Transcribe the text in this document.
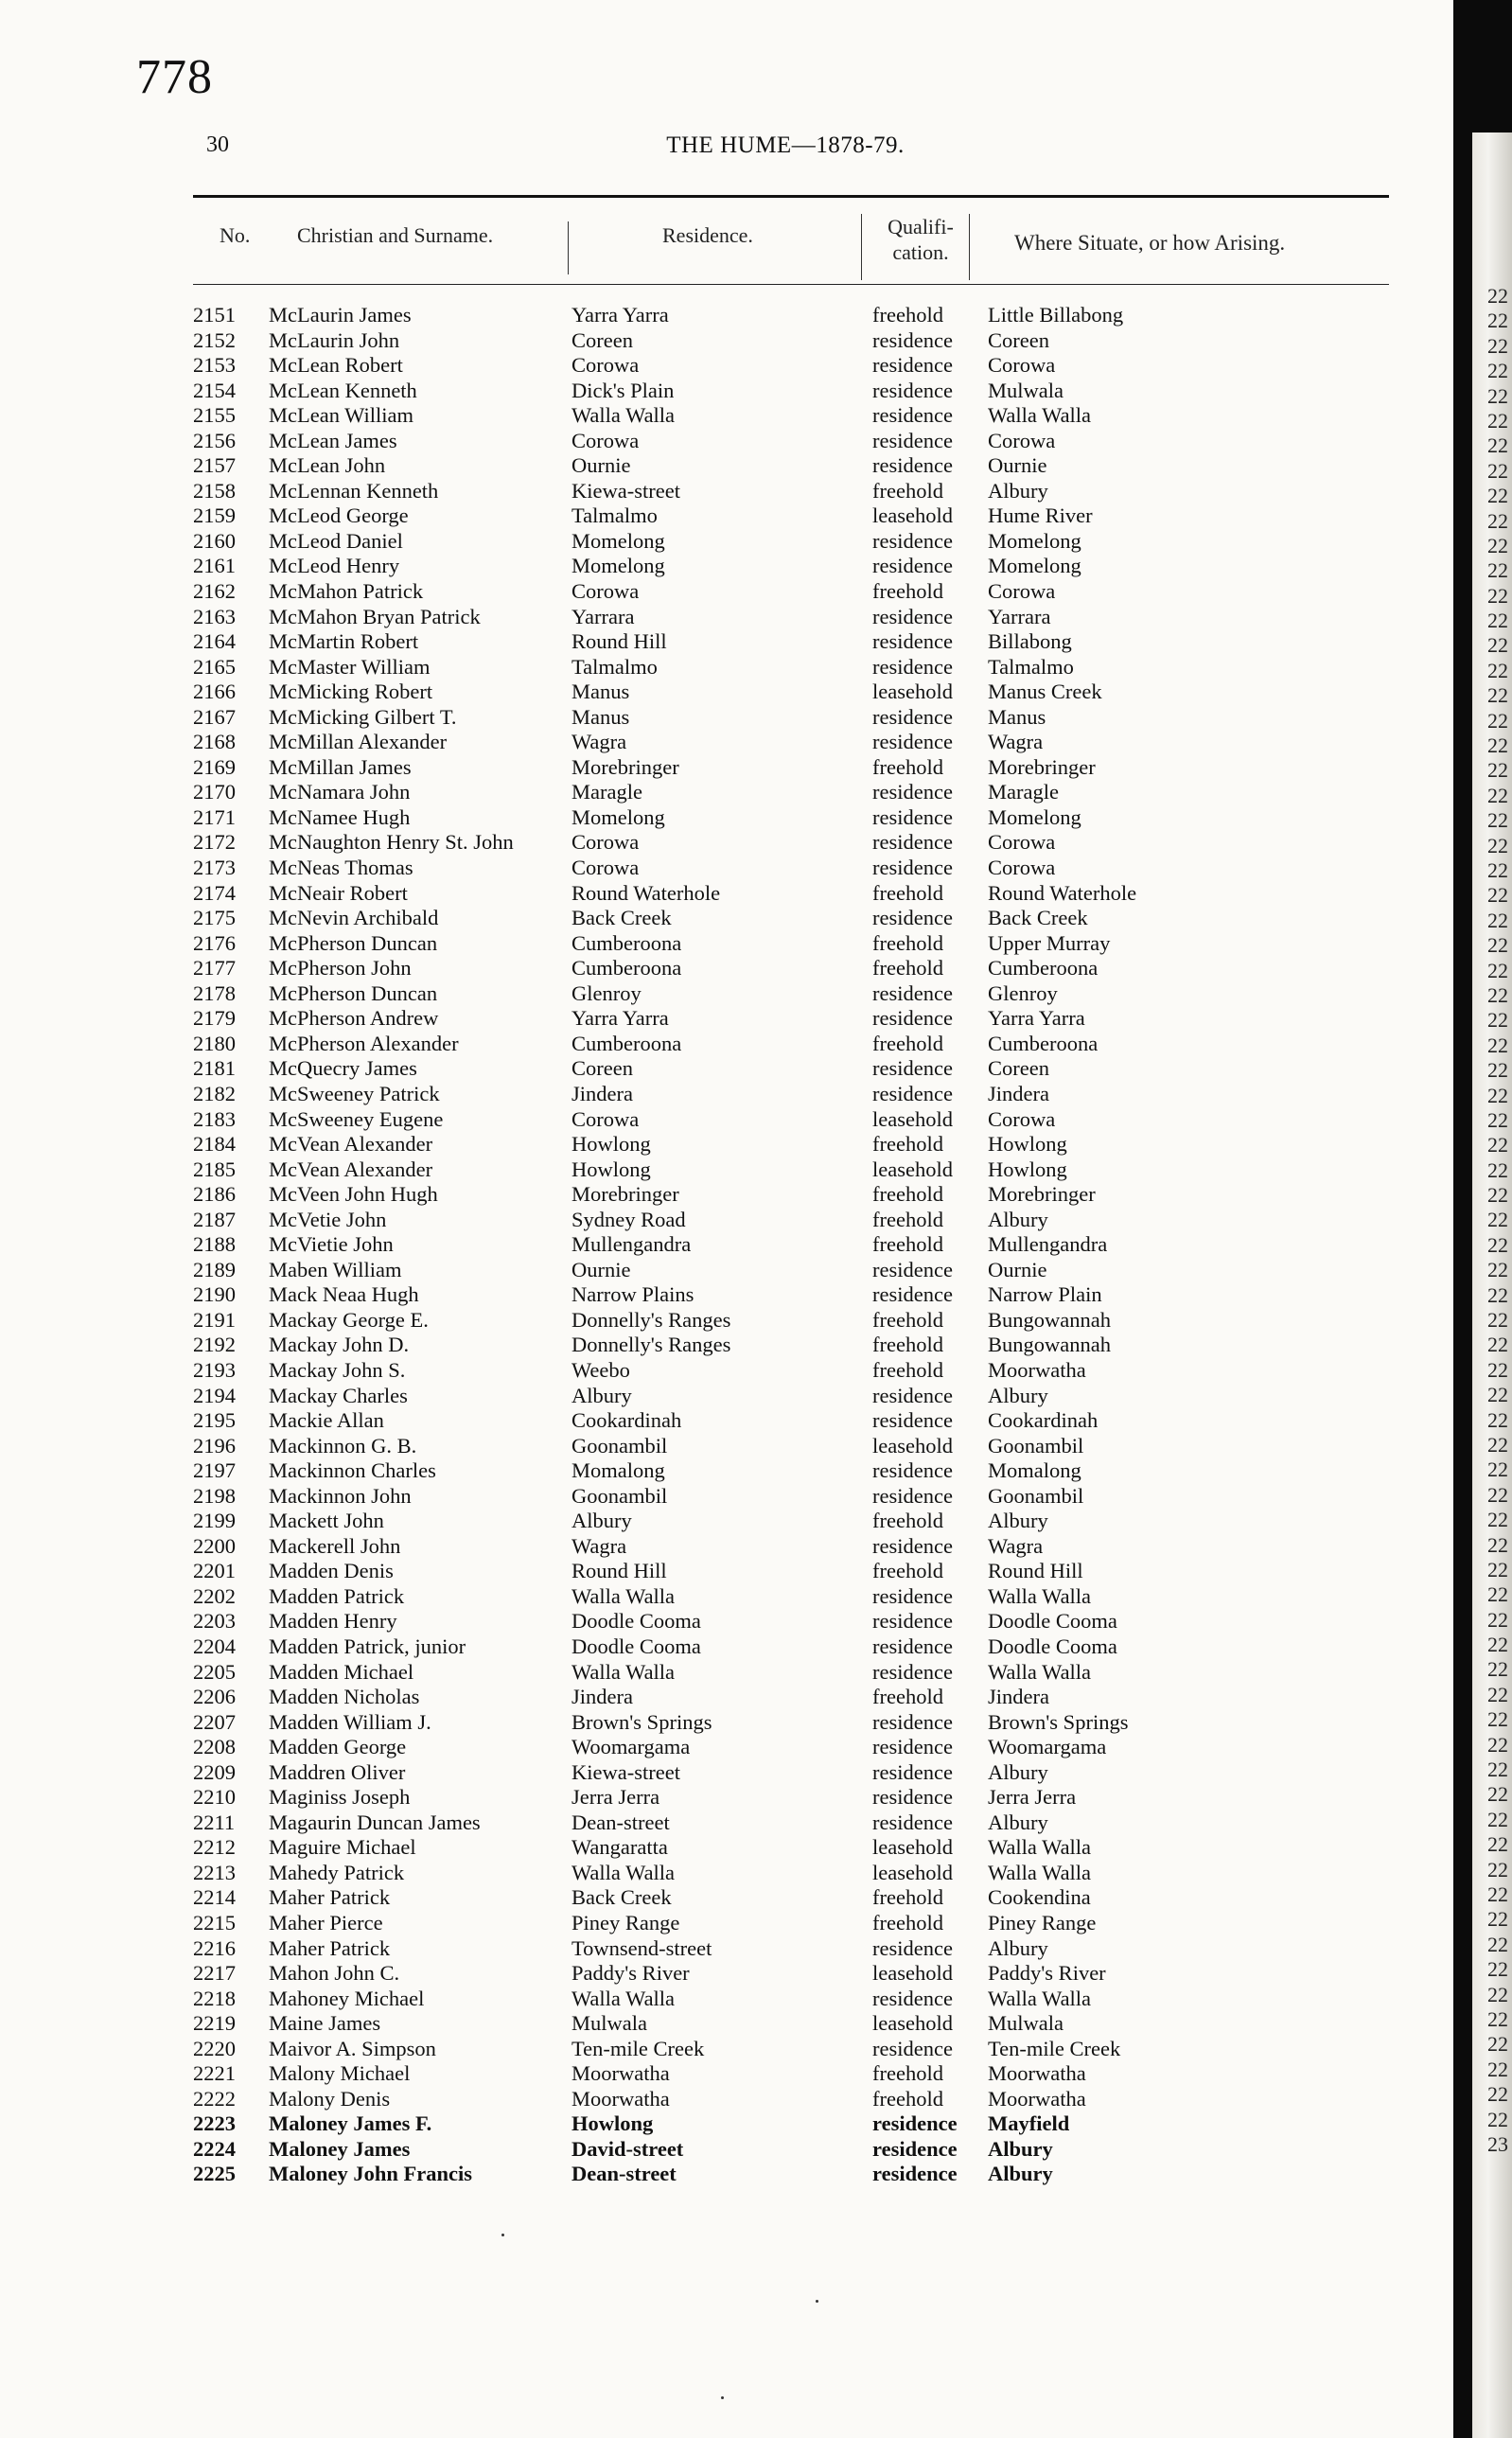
778
30	THE HUME—1878-79.
No. Christian and Surname.	Residence.	Qualifi-cation.	Where Situate, or how Arising.
2151 McLaurin James	Yarra Yarra	freehold Little Billabong
2152 McLaurin John	Coreen	residence Coreen
2153 McLean Robert	Corowa	residence Corowa
2154 McLean Kenneth	Dick's Plain	residence Mulwala
2155 McLean William	Walla Walla	residence Walla Walla
2156 McLean James	Corowa	residence Corowa
2157 McLean John	Ournie	residence Ournie
2158 McLennan Kenneth	Kiewa-street	freehold Albury
2159 McLeod George	Talmalmo	leasehold Hume River
2160 McLeod Daniel	Momelong	residence Momelong
2161 McLeod Henry	Momelong	residence Momelong
2162 McMahon Patrick	Corowa	freehold Corowa
2163 McMahon Bryan Patrick	Yarrara	residence Yarrara
2164 McMartin Robert	Round Hill	residence Billabong
2165 McMaster William	Talmalmo	residence Talmalmo
2166 McMicking Robert	Manus	leasehold Manus Creek
2167 McMicking Gilbert T.	Manus	residence Manus
2168 McMillan Alexander	Wagra	residence Wagra
2169 McMillan James	Morebringer	freehold Morebringer
2170 McNamara John	Maragle	residence Maragle
2171 McNamee Hugh	Momelong	residence Momelong
2172 McNaughton Henry St. John	Corowa	residence Corowa
2173 McNeas Thomas	Corowa	residence Corowa
2174 McNeair Robert	Round Waterhole	freehold Round Waterhole
2175 McNevin Archibald	Back Creek	residence Back Creek
2176 McPherson Duncan	Cumberoona	freehold Upper Murray
2177 McPherson John	Cumberoona	freehold Cumberoona
2178 McPherson Duncan	Glenroy	residence Glenroy
2179 McPherson Andrew	Yarra Yarra	residence Yarra Yarra
2180 McPherson Alexander	Cumberoona	freehold Cumberoona
2181 McQuecry James	Coreen	residence Coreen
2182 McSweeney Patrick	Jindera	residence Jindera
2183 McSweeney Eugene	Corowa	leasehold Corowa
2184 McVean Alexander	Howlong	freehold Howlong
2185 McVean Alexander	Howlong	leasehold Howlong
2186 McVeen John Hugh	Morebringer	freehold Morebringer
2187 McVetie John	Sydney Road	freehold Albury
2188 McVietie John	Mullengandra	freehold Mullengandra
2189 Maben William	Ournie	residence Ournie
2190 Mack Neaa Hugh	Narrow Plains	residence Narrow Plain
2191 Mackay George E.	Donnelly's Ranges	freehold Bungowannah
2192 Mackay John D.	Donnelly's Ranges	freehold Bungowannah
2193 Mackay John S.	Weebo	freehold Moorwatha
2194 Mackay Charles	Albury	residence Albury
2195 Mackie Allan	Cookardinah	residence Cookardinah
2196 Mackinnon G. B.	Goonambil	leasehold Goonambil
2197 Mackinnon Charles	Momalong	residence Momalong
2198 Mackinnon John	Goonambil	residence Goonambil
2199 Mackett John	Albury	freehold Albury
2200 Mackerell John	Wagra	residence Wagra
2201 Madden Denis	Round Hill	freehold Round Hill
2202 Madden Patrick	Walla Walla	residence Walla Walla
2203 Madden Henry	Doodle Cooma	residence Doodle Cooma
2204 Madden Patrick, junior	Doodle Cooma	residence Doodle Cooma
2205 Madden Michael	Walla Walla	residence Walla Walla
2206 Madden Nicholas	Jindera	freehold Jindera
2207 Madden William J.	Brown's Springs	residence Brown's Springs
2208 Madden George	Woomargama	residence Woomargama
2209 Maddren Oliver	Kiewa-street	residence Albury
2210 Maginiss Joseph	Jerra Jerra	residence Jerra Jerra
2211 Magaurin Duncan James	Dean-street	residence Albury
2212 Maguire Michael	Wangaratta	leasehold Walla Walla
2213 Mahedy Patrick	Walla Walla	leasehold Walla Walla
2214 Maher Patrick	Back Creek	freehold Cookendina
2215 Maher Pierce	Piney Range	freehold Piney Range
2216 Maher Patrick	Townsend-street	residence Albury
2217 Mahon John C.	Paddy's River	leasehold Paddy's River
2218 Mahoney Michael	Walla Walla	residence Walla Walla
2219 Maine James	Mulwala	leasehold Mulwala
2220 Maivor A. Simpson	Ten-mile Creek	residence Ten-mile Creek
2221 Malony Michael	Moorwatha	freehold Moorwatha
2222 Malony Denis	Moorwatha	freehold Moorwatha
2223 Maloney James F.	Howlong	residence Mayfield
2224 Maloney James	David-street	residence Albury
2225 Maloney John Francis	Dean-street	residence Albury
22
22
22
22
22
22
22
22
22
22
22
22
22
22
22
22
22
22
22
22
22
22
22
22
22
22
22
22
22
22
22
22
22
22
22
22
22
22
22
22
22
22
22
22
22
22
22
22
22
22
22
22
22
22
22
22
22
22
22
22
22
22
22
22
22
22
22
22
22
22
22
22
22
22
23
